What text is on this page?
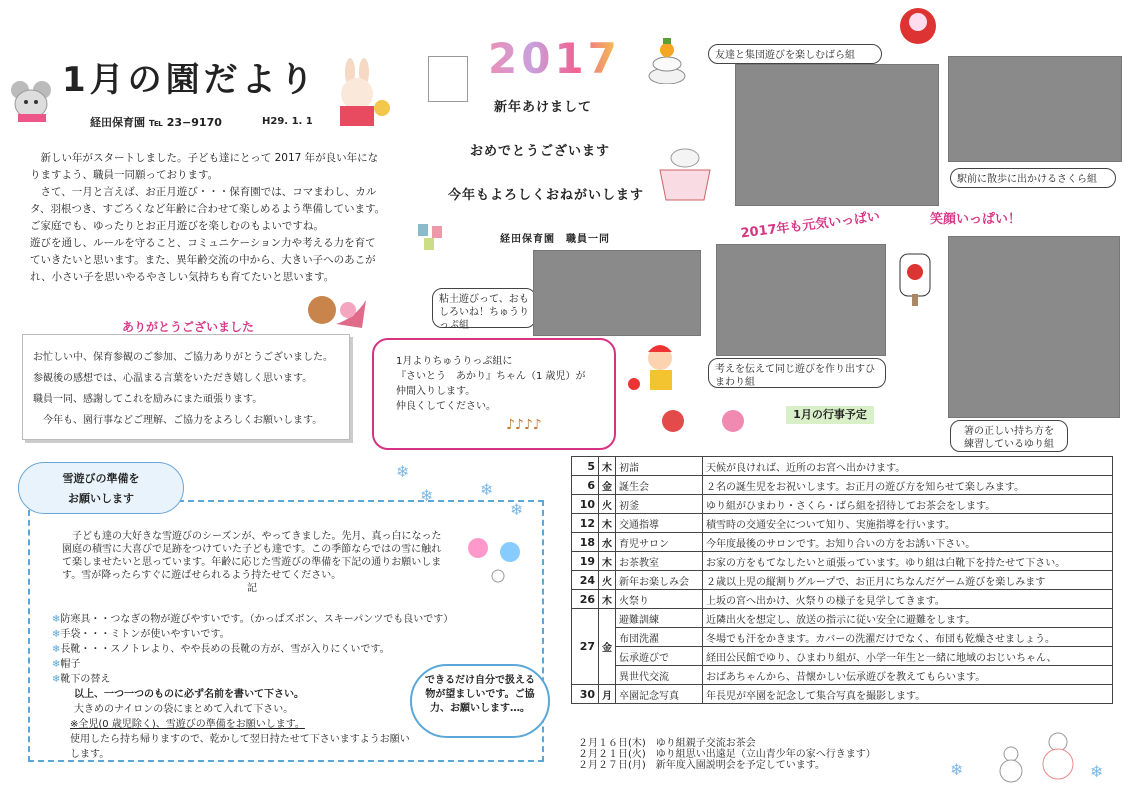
1月の園だより
経田保育園 ℡ 23−9170	H29. 1. 1

　新しい年がスタートしました。子ども達にとって 2017 年が良い年になりますよう、職員一同願っております。

　さて、一月と言えば、お正月遊び・・・保育園では、コマまわし、カルタ、羽根つき、すごろくなど年齢に合わせて楽しめるよう準備しています。ご家庭でも、ゆったりとお正月遊びを楽しむのもよいですね。

遊びを通し、ルールを守ること、コミュニケーション力や考える力を育てていきたいと思います。また、異年齢交流の中から、大きい子へのあこがれ、小さい子を思いやるやさしい気持ちも育てたいと思います。

ありがとうございました

お忙しい中、保育参観のご参加、ご協力ありがとうございました。

参観後の感想では、心温まる言葉をいただき嬉しく思います。

職員一同、感謝してこれを励みにまた頑張ります。

　今年も、園行事などご理解、ご協力をよろしくお願いします。

2017
新年あけまして
おめでとうございます
今年もよろしくおねがいします
経田保育園　職員一同
粘土遊びって、おもしろいね！ちゅうりっぷ組

1月よりちゅうりっぷ組に

『さいとう　あかり』ちゃん（1 歳児）が

仲間入りします。

仲良くしてください。

♪♪♪♪
友達と集団遊びを楽しむばら組
駅前に散歩に出かけるさくら組
2017年も元気いっぱい	笑顔いっぱい！
考えを伝えて同じ遊びを作り出すひまわり組
箸の正しい持ち方を
練習しているゆり組
雪遊びの準備を
お願いします
❄
❄	❄
❄
　子ども達の大好きな雪遊びのシーズンが、やってきました。先月、真っ白になった園庭の積雪に大喜びで足跡をつけていた子ども達です。この季節ならではの雪に触れて楽しませたいと思っています。年齢に応じた雪遊びの準備を下記の通りお願いします。雪が降ったらすぐに遊ばせられるよう持たせてください。
記

❄防寒具・・つなぎの物が遊びやすいです。（かっぱズボン、スキーパンツでも良いです）

❄手袋・・・ミトンが使いやすいです。

❄長靴・・・スノトレより、やや長めの長靴の方が、雪が入りにくいです。

❄帽子

❄靴下の替え

以上、一つ一つのものに必ず名前を書いて下さい。

大きめのナイロンの袋にまとめて入れて下さい。

※全児(0 歳児除く)、雪遊びの準備をお願いします。

使用したら持ち帰りますので、乾かして翌日持たせて下さいますようお願いします。

できるだけ自分で扱える物が望ましいです。ご協力、お願いします…。
1月の行事予定
5	木	初詣	天候が良ければ、近所のお宮へ出かけます。
6	金	誕生会	２名の誕生児をお祝いします。お正月の遊び方を知らせて楽しみます。
10	火	初釜	ゆり組がひまわり・さくら・ばら組を招待してお茶会をします。
12	木	交通指導	積雪時の交通安全について知り、実施指導を行います。
18	水	育児サロン	今年度最後のサロンです。お知り合いの方をお誘い下さい。
19	木	お茶教室	お家の方をもてなしたいと頑張っています。ゆり組は白靴下を持たせて下さい。
24	火	新年お楽しみ会	２歳以上児の縦割りグループで、お正月にちなんだゲーム遊びを楽しみます
26	木	火祭り	上坂の宮へ出かけ、火祭りの様子を見学してきます。
27	金	避難訓練	近隣出火を想定し、放送の指示に従い安全に避難をします。
		布団洗濯	冬場でも汗をかきます。カバーの洗濯だけでなく、布団も乾燥させましょう。
		伝承遊びで	経田公民館でゆり、ひまわり組が、小学一年生と一緒に地域のおじいちゃん、
		異世代交流	おばあちゃんから、昔懐かしい伝承遊びを教えてもらいます。
30	月	卒園記念写真	年長児が卒園を記念して集合写真を撮影します。

２月１６日(木)　ゆり組親子交流お茶会

２月２１日(火)　ゆり組思い出遠足（立山青少年の家へ行きます）

２月２７日(月)　新年度入園説明会を予定しています。	❄	❄
